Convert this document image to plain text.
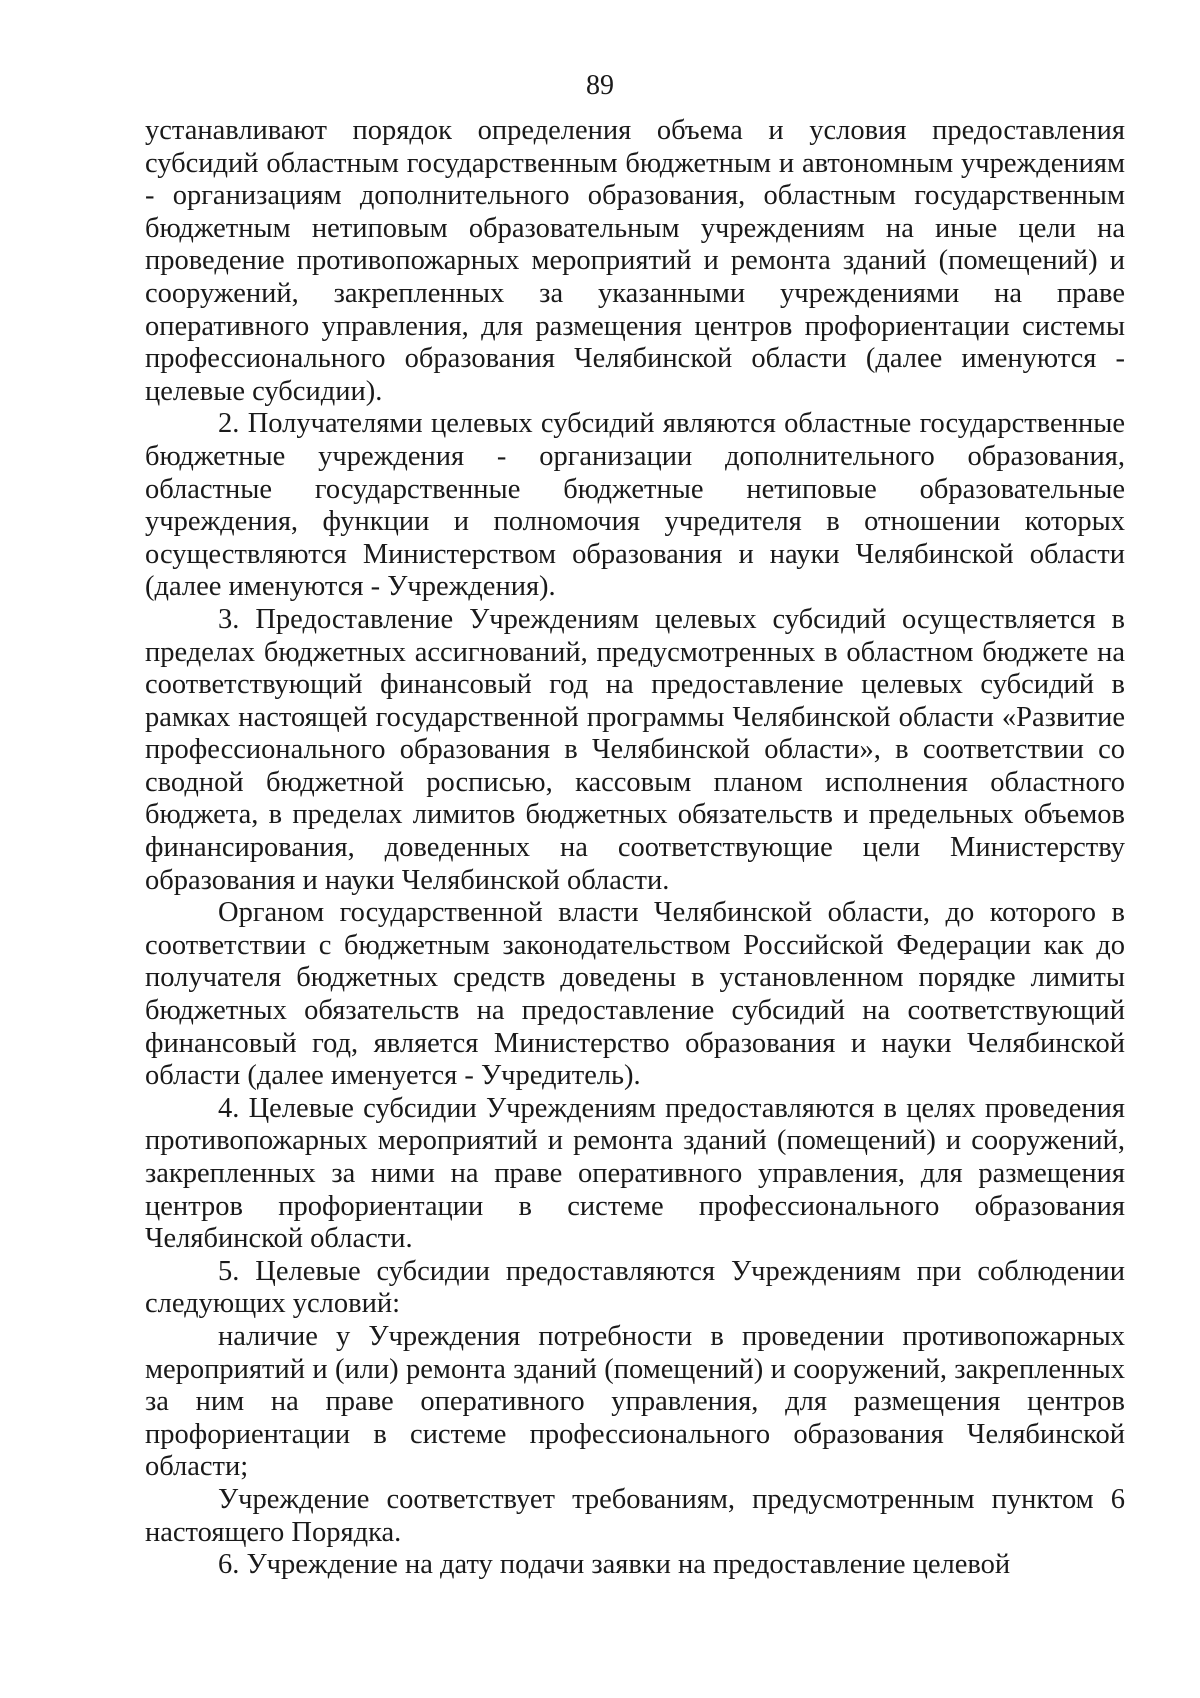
89

устанавливают порядок определения объема и условия предоставления субсидий областным государственным бюджетным и автономным учреждениям - организациям дополнительного образования, областным государственным бюджетным нетиповым образовательным учреждениям на иные цели на проведение противопожарных мероприятий и ремонта зданий (помещений) и сооружений, закрепленных за указанными учреждениями на праве оперативного управления, для размещения центров профориентации системы профессионального образования Челябинской области (далее именуются - целевые субсидии).

2. Получателями целевых субсидий являются областные государственные бюджетные учреждения - организации дополнительного образования, областные государственные бюджетные нетиповые образовательные учреждения, функции и полномочия учредителя в отношении которых осуществляются Министерством образования и науки Челябинской области (далее именуются - Учреждения).

3. Предоставление Учреждениям целевых субсидий осуществляется в пределах бюджетных ассигнований, предусмотренных в областном бюджете на соответствующий финансовый год на предоставление целевых субсидий в рамках настоящей государственной программы Челябинской области «Развитие профессионального образования в Челябинской области», в соответствии со сводной бюджетной росписью, кассовым планом исполнения областного бюджета, в пределах лимитов бюджетных обязательств и предельных объемов финансирования, доведенных на соответствующие цели Министерству образования и науки Челябинской области.

Органом государственной власти Челябинской области, до которого в соответствии с бюджетным законодательством Российской Федерации как до получателя бюджетных средств доведены в установленном порядке лимиты бюджетных обязательств на предоставление субсидий на соответствующий финансовый год, является Министерство образования и науки Челябинской области (далее именуется - Учредитель).

4. Целевые субсидии Учреждениям предоставляются в целях проведения противопожарных мероприятий и ремонта зданий (помещений) и сооружений, закрепленных за ними на праве оперативного управления, для размещения центров профориентации в системе профессионального образования Челябинской области.

5. Целевые субсидии предоставляются Учреждениям при соблюдении следующих условий:

наличие у Учреждения потребности в проведении противопожарных мероприятий и (или) ремонта зданий (помещений) и сооружений, закрепленных за ним на праве оперативного управления, для размещения центров профориентации в системе профессионального образования Челябинской области;

Учреждение соответствует требованиям, предусмотренным пунктом 6 настоящего Порядка.

6. Учреждение на дату подачи заявки на предоставление целевой
